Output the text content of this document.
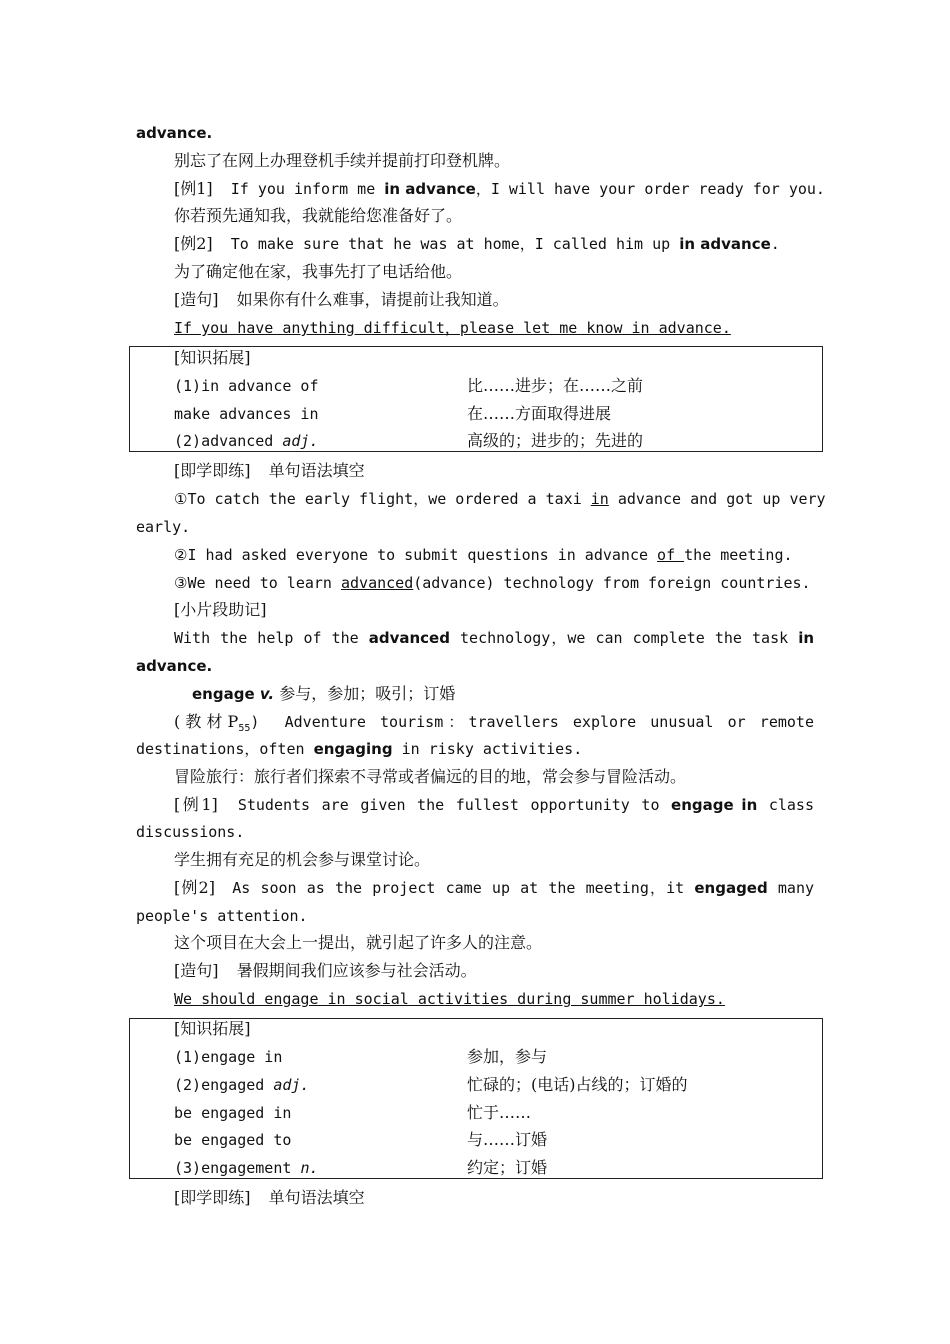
advance.
别忘了在网上办理登机手续并提前打印登机牌。
[例1] If you inform me in advance，I will have your order ready for you.
你若预先通知我，我就能给您准备好了。
[例2] To make sure that he was at home，I called him up in advance.
为了确定他在家，我事先打了电话给他。
[造句] 如果你有什么难事，请提前让我知道。
If you have anything difficult，please let me know in advance.
[知识拓展]
(1)in advance of	比……进步；在……之前
make advances in	在……方面取得进展
(2)advanced adj.	高级的；进步的；先进的
[即学即练] 单句语法填空
①To catch the early flight，we ordered a taxi in advance and got up very
early.
②I had asked everyone to submit questions in advance of the meeting.
③We need to learn advanced(advance) technology from foreign countries.
[小片段助记]
With the help of the advanced technology，we can complete the task in
advance.
engage v. 参与，参加；吸引；订婚
(教材$P_{55}$)　Adventure tourism：travellers explore unusual or remote
destinations，often engaging in risky activities.
冒险旅行：旅行者们探索不寻常或者偏远的目的地，常会参与冒险活动。
[例1]　Students are given the fullest opportunity to engage in class
discussions.
学生拥有充足的机会参与课堂讨论。
[例2]　As soon as the project came up at the meeting，it engaged many
people's attention.
这个项目在大会上一提出，就引起了许多人的注意。
[造句] 暑假期间我们应该参与社会活动。
We should engage in social activities during summer holidays.
[知识拓展]
(1)engage in	参加，参与
(2)engaged adj.	忙碌的；(电话)占线的；订婚的
be engaged in	忙于……
be engaged to	与……订婚
(3)engagement n.	约定；订婚
[即学即练] 单句语法填空
